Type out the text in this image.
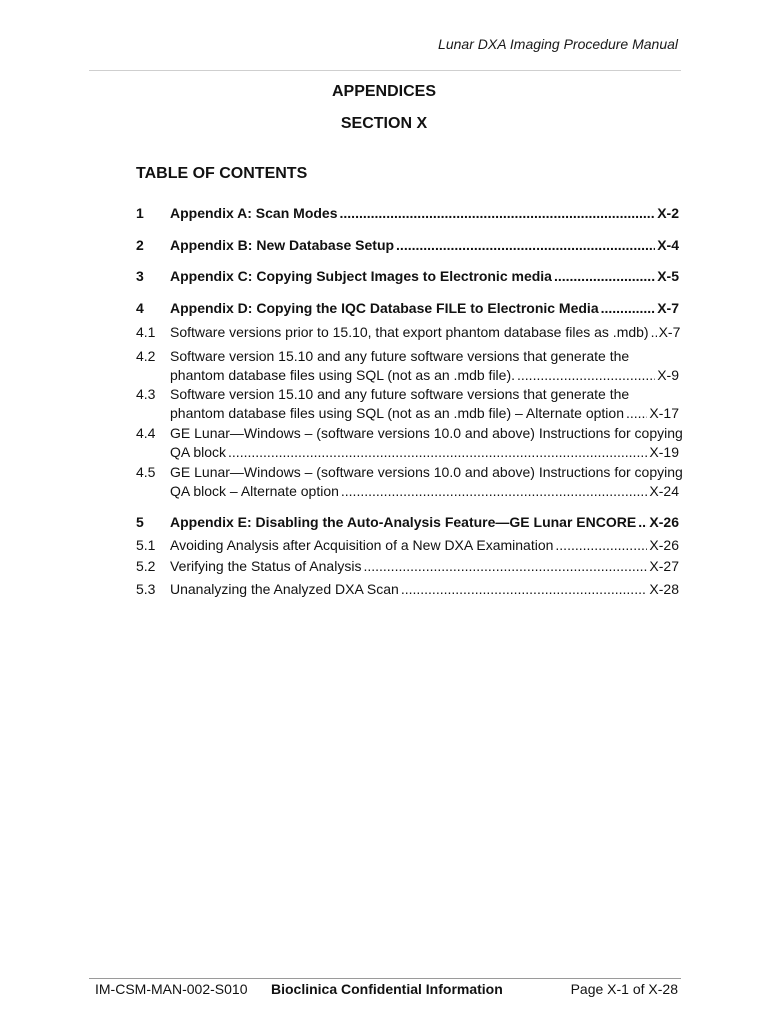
Lunar DXA Imaging Procedure Manual
APPENDICES
SECTION X
TABLE OF CONTENTS
1	Appendix A: Scan Modes .....	X-2
2	Appendix B: New Database Setup .....	X-4
3	Appendix C: Copying Subject Images to Electronic media .....	X-5
4	Appendix D: Copying the IQC Database FILE to Electronic Media .....	X-7
4.1	Software versions prior to 15.10, that export phantom database files as .mdb) ..... X-7
4.2	Software version 15.10 and any future software versions that generate the
phantom database files using SQL (not as an .mdb file). .....	X-9
4.3	Software version 15.10 and any future software versions that generate the
phantom database files using SQL (not as an .mdb file) – Alternate option ..... X-17
4.4	GE Lunar—Windows – (software versions 10.0 and above) Instructions for copying
QA block .....	X-19
4.5	GE Lunar—Windows – (software versions 10.0 and above) Instructions for copying
QA block – Alternate option .....	X-24
5	Appendix E: Disabling the Auto-Analysis Feature—GE Lunar ENCORE ..... X-26
5.1	Avoiding Analysis after Acquisition of a New DXA Examination .....	X-26
5.2	Verifying the Status of Analysis .....	X-27
5.3	Unanalyzing the Analyzed DXA Scan .....	X-28
IM-CSM-MAN-002-S010 Bioclinica Confidential Information	Page X-1 of X-28
